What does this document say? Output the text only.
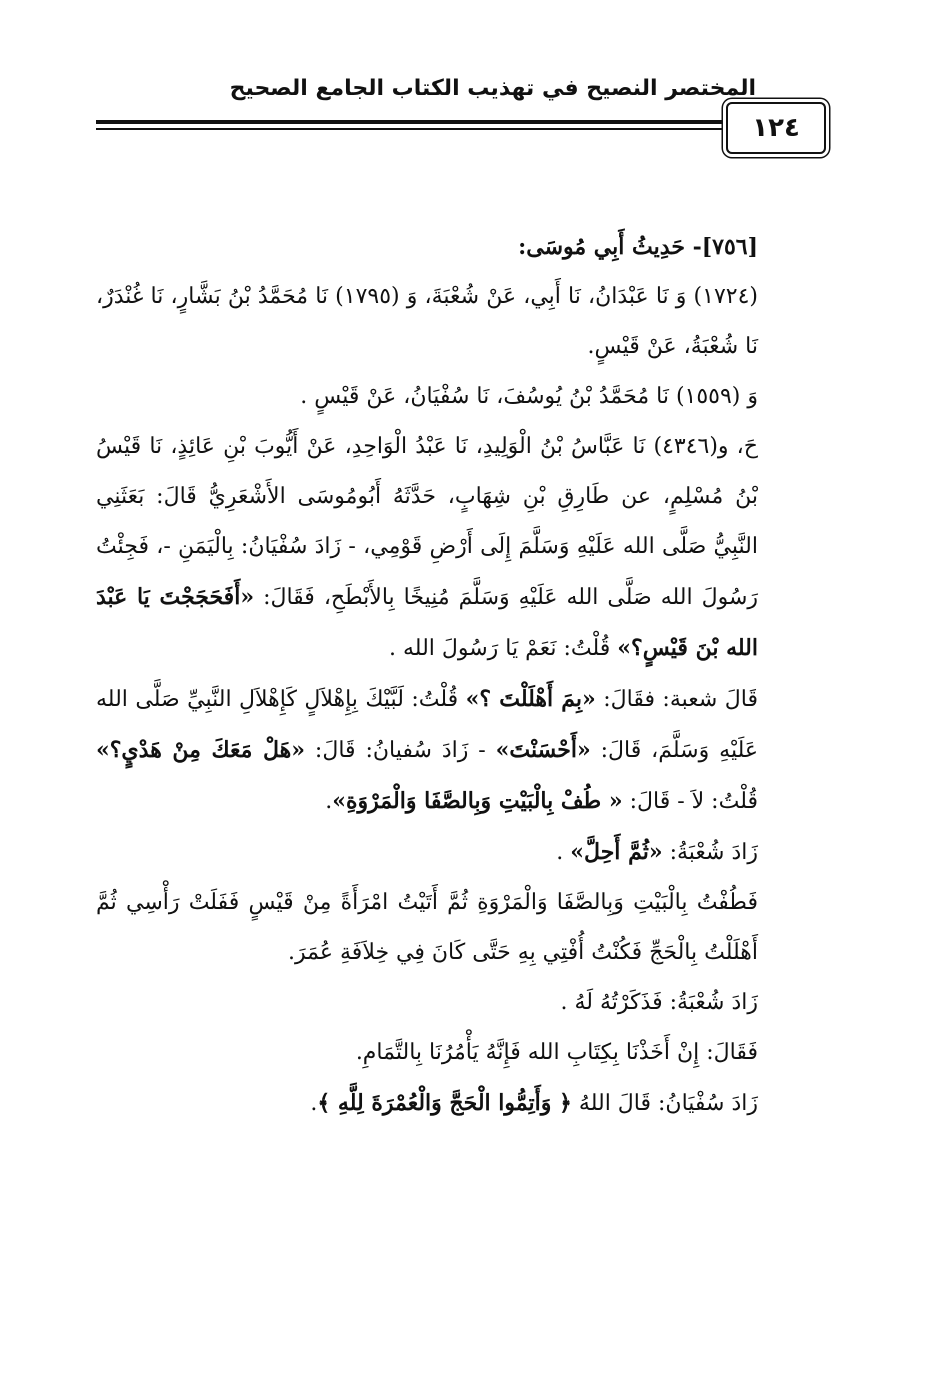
المختصر النصيح في تهذيب الكتاب الجامع الصحيح
١٢٤

[٧٥٦]- حَدِيثُ أَبِي مُوسَى:

(١٧٢٤) وَ نَا عَبْدَانُ، نَا أَبِي، عَنْ شُعْبَةَ، وَ (١٧٩٥) نَا مُحَمَّدُ بْنُ بَشَّارٍ، نَا غُنْدَرٌ، نَا شُعْبَةُ، عَنْ قَيْسٍ.

وَ (١٥٥٩) نَا مُحَمَّدُ بْنُ يُوسُفَ، نَا سُفْيَانُ، عَنْ قَيْسٍ .

حَ، و(٤٣٤٦) نَا عَبَّاسُ بْنُ الْوَلِيدِ، نَا عَبْدُ الْوَاحِدِ، عَنْ أَيُّوبَ بْنِ عَائِذٍ، نَا قَيْسُ بْنُ مُسْلِمٍ، عن طَارِقِ بْنِ شِهَابٍ، حَدَّثَهُ أَبُومُوسَى الأَشْعَرِيُّ قَالَ: بَعَثَنِي النَّبِيُّ صَلَّى الله عَلَيْهِ وَسَلَّمَ إِلَى أَرْضِ قَوْمِي، - زَادَ سُفْيَانُ: بِالْيَمَنِ -، فَجِئْتُ رَسُولَ الله صَلَّى الله عَلَيْهِ وَسَلَّمَ مُنِيخًا بِالأَبْطَحِ، فَقَالَ: «أَفَحَجَجْتَ يَا عَبْدَ الله بْنَ قَيْسٍ؟» قُلْتُ: نَعَمْ يَا رَسُولَ الله .

قَالَ شعبة: فقَالَ: «بِمَ أَهْلَلْتَ ؟» قُلْتُ: لَبَّيْكَ بِإِهْلاَلٍ كَإِهْلاَلِ النَّبِيِّ صَلَّى الله عَلَيْهِ وَسَلَّمَ، قَالَ: «أَحْسَنْتَ» - زَادَ سُفيانُ: قَالَ: «هَلْ مَعَكَ مِنْ هَدْيٍ؟» قُلْتُ: لاَ - قَالَ: « طُفْ بِالْبَيْتِ وَبِالصَّفَا وَالْمَرْوَةِ».

زَادَ شُعْبَةُ: «ثُمَّ أَحِلَّ» .

فَطُفْتُ بِالْبَيْتِ وَبِالصَّفَا وَالْمَرْوَةِ ثُمَّ أَتَيْتُ امْرَأَةً مِنْ قَيْسٍ فَفَلَتْ رَأْسِي ثُمَّ أَهْلَلْتُ بِالْحَجِّ فَكُنْتُ أُفْتِي بِهِ حَتَّى كَانَ فِي خِلاَفَةِ عُمَرَ.

زَادَ شُعْبَةُ: فَذَكَرْتُهُ لَهُ .

فَقَالَ: إِنْ أَخَذْنَا بِكِتَابِ الله فَإِنَّهُ يَأْمُرُنَا بِالتَّمَامِ.

زَادَ سُفْيَانُ: قَالَ اللهُ ﴿ وَأَتِمُّوا الْحَجَّ وَالْعُمْرَةَ لِلَّهِ ﴾.
